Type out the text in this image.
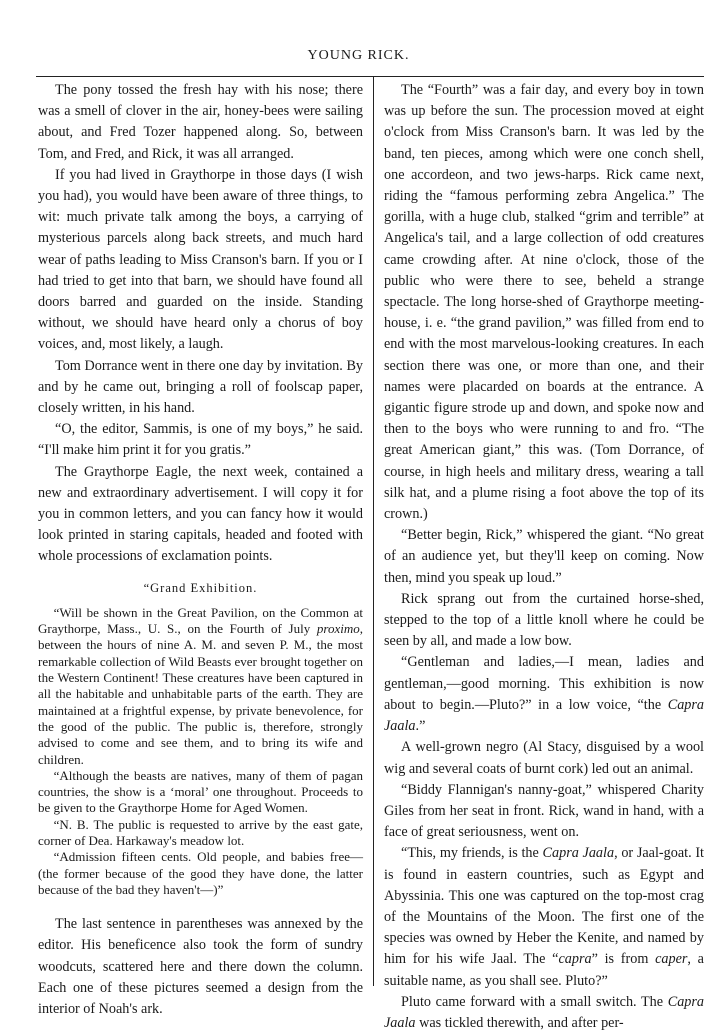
YOUNG RICK.

The pony tossed the fresh hay with his nose; there was a smell of clover in the air, honey-bees were sailing about, and Fred Tozer happened along. So, between Tom, and Fred, and Rick, it was all arranged.

If you had lived in Graythorpe in those days (I wish you had), you would have been aware of three things, to wit: much private talk among the boys, a carrying of mysterious parcels along back streets, and much hard wear of paths leading to Miss Cranson's barn. If you or I had tried to get into that barn, we should have found all doors barred and guarded on the inside. Standing without, we should have heard only a chorus of boy voices, and, most likely, a laugh.

Tom Dorrance went in there one day by invitation. By and by he came out, bringing a roll of foolscap paper, closely written, in his hand.

“O, the editor, Sammis, is one of my boys,” he said. “I'll make him print it for you gratis.”

The Graythorpe Eagle, the next week, contained a new and extraordinary advertisement. I will copy it for you in common letters, and you can fancy how it would look printed in staring capitals, headed and footed with whole processions of exclamation points.

“Grand Exhibition.

“Will be shown in the Great Pavilion, on the Common at Graythorpe, Mass., U. S., on the Fourth of July proximo, between the hours of nine A. M. and seven P. M., the most remarkable collection of Wild Beasts ever brought together on the Western Continent! These creatures have been captured in all the habitable and unhabitable parts of the earth. They are maintained at a frightful expense, by private benevolence, for the good of the public. The public is, therefore, strongly advised to come and see them, and to bring its wife and children.

“Although the beasts are natives, many of them of pagan countries, the show is a ‘moral’ one throughout. Proceeds to be given to the Graythorpe Home for Aged Women.

“N. B. The public is requested to arrive by the east gate, corner of Dea. Harkaway's meadow lot.

“Admission fifteen cents. Old people, and babies free—(the former because of the good they have done, the latter because of the bad they haven't—)”

The last sentence in parentheses was annexed by the editor. His beneficence also took the form of sundry woodcuts, scattered here and there down the column. Each one of these pictures seemed a design from the interior of Noah's ark.

The “Fourth” was a fair day, and every boy in town was up before the sun. The procession moved at eight o'clock from Miss Cranson's barn. It was led by the band, ten pieces, among which were one conch shell, one accordeon, and two jews-harps. Rick came next, riding the “famous performing zebra Angelica.” The gorilla, with a huge club, stalked “grim and terrible” at Angelica's tail, and a large collection of odd creatures came crowding after. At nine o'clock, those of the public who were there to see, beheld a strange spectacle. The long horse-shed of Graythorpe meeting-house, i. e. “the grand pavilion,” was filled from end to end with the most marvelous-looking creatures. In each section there was one, or more than one, and their names were placarded on boards at the entrance. A gigantic figure strode up and down, and spoke now and then to the boys who were running to and fro. “The great American giant,” this was. (Tom Dorrance, of course, in high heels and military dress, wearing a tall silk hat, and a plume rising a foot above the top of its crown.)

“Better begin, Rick,” whispered the giant. “No great of an audience yet, but they'll keep on coming. Now then, mind you speak up loud.”

Rick sprang out from the curtained horse-shed, stepped to the top of a little knoll where he could be seen by all, and made a low bow.

“Gentleman and ladies,—I mean, ladies and gentleman,—good morning. This exhibition is now about to begin.—Pluto?” in a low voice, “the Capra Jaala.”

A well-grown negro (Al Stacy, disguised by a wool wig and several coats of burnt cork) led out an animal.

“Biddy Flannigan's nanny-goat,” whispered Charity Giles from her seat in front. Rick, wand in hand, with a face of great seriousness, went on.

“This, my friends, is the Capra Jaala, or Jaal-goat. It is found in eastern countries, such as Egypt and Abyssinia. This one was captured on the top-most crag of the Mountains of the Moon. The first one of the species was owned by Heber the Kenite, and named by him for his wife Jaal. The “capra” is from caper, a suitable name, as you shall see. Pluto?”

Pluto came forward with a small switch. The Capra Jaala was tickled therewith, and after per-
